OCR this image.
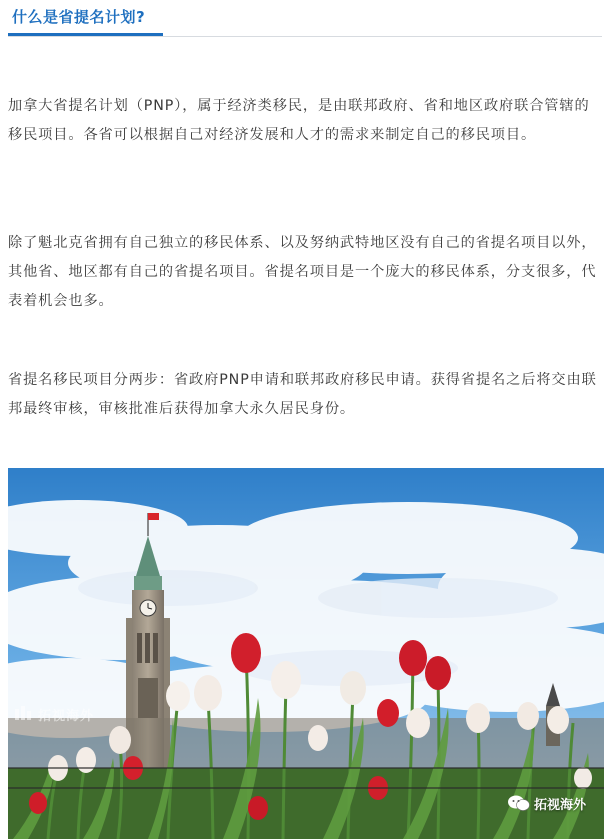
什么是省提名计划?

加拿大省提名计划（PNP），属于经济类移民，是由联邦政府、省和地区政府联合管辖的移民项目。各省可以根据自己对经济发展和人才的需求来制定自己的移民项目。

除了魁北克省拥有自己独立的移民体系、以及努纳武特地区没有自己的省提名项目以外，其他省、地区都有自己的省提名项目。省提名项目是一个庞大的移民体系，分支很多，代表着机会也多。

省提名移民项目分两步：省政府PNP申请和联邦政府移民申请。获得省提名之后将交由联邦最终审核，审核批准后获得加拿大永久居民身份。

拓视海外
拓视海外
